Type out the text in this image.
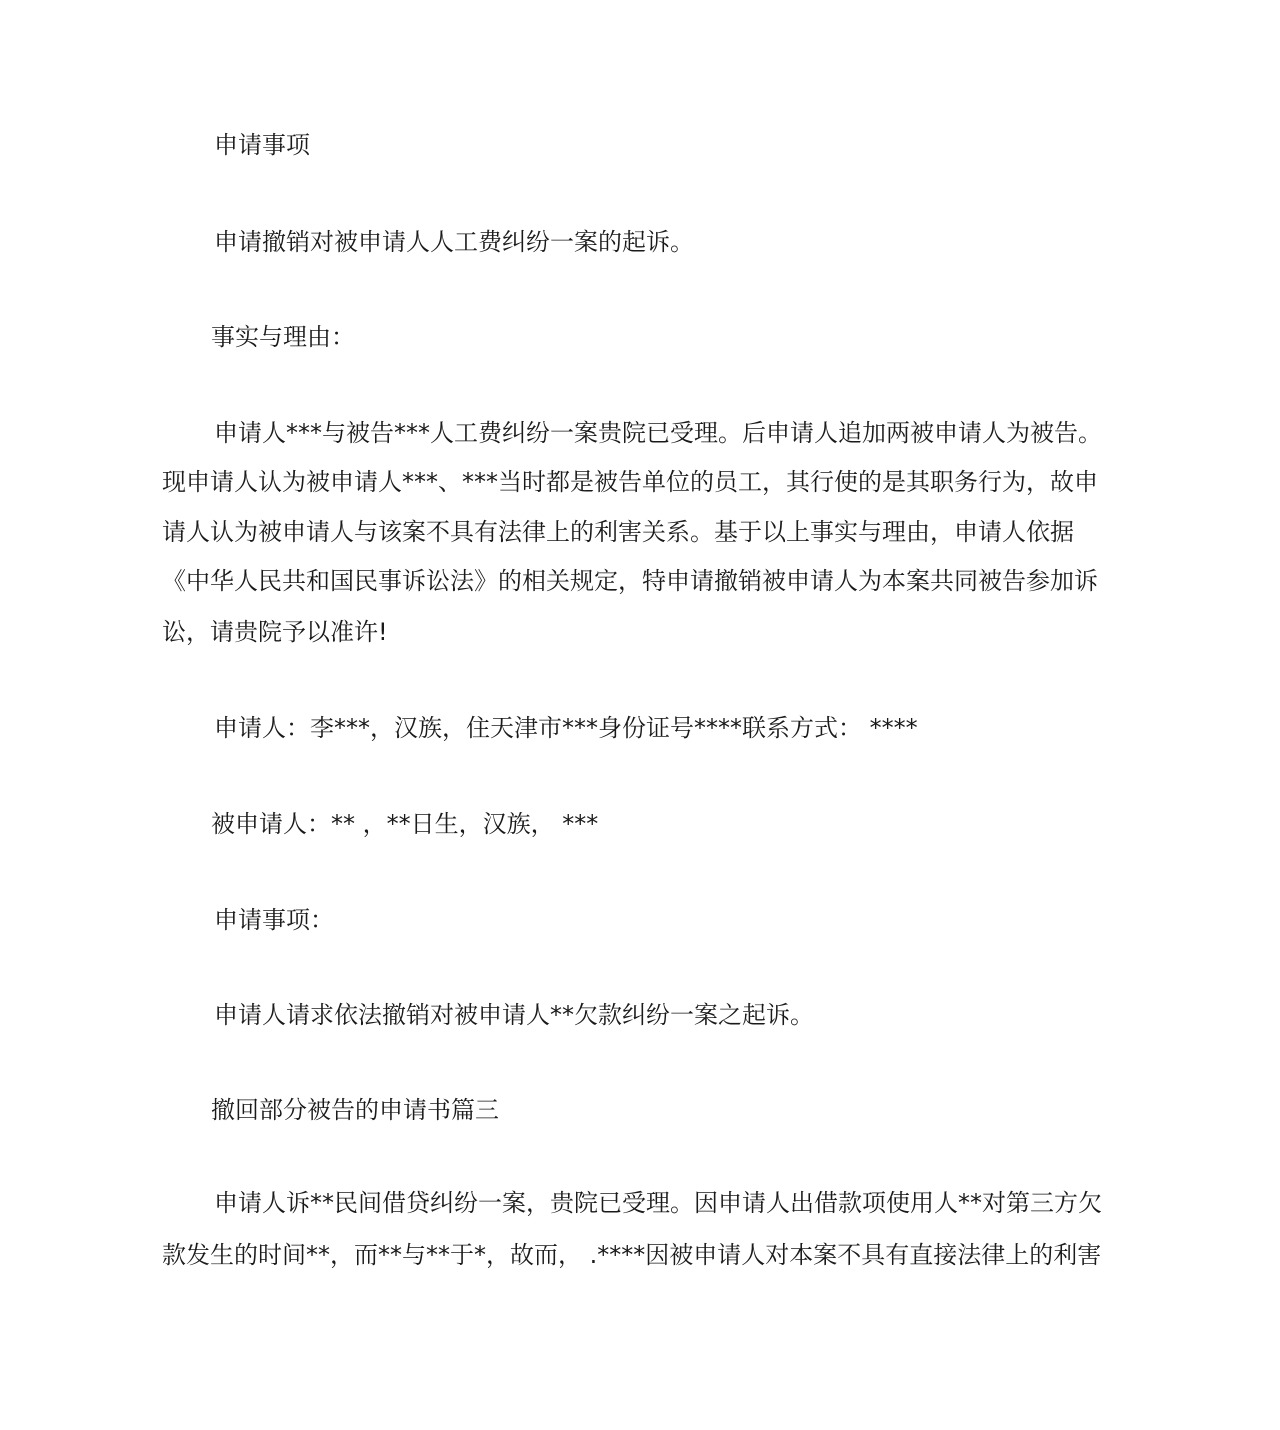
申请事项
申请撤销对被申请人人工费纠纷一案的起诉。
事实与理由：
申请人***与被告***人工费纠纷一案贵院已受理。后申请人追加两被申请人为被告。
现申请人认为被申请人***、***当时都是被告单位的员工，其行使的是其职务行为，故申
请人认为被申请人与该案不具有法律上的利害关系。基于以上事实与理由，申请人依据
《中华人民共和国民事诉讼法》的相关规定，特申请撤销被申请人为本案共同被告参加诉
讼，请贵院予以准许!
申请人：李***，汉族，住天津市***身份证号****联系方式： ****
被申请人：** ，**日生，汉族， ***
申请事项：
申请人请求依法撤销对被申请人**欠款纠纷一案之起诉。
撤回部分被告的申请书篇三
申请人诉**民间借贷纠纷一案，贵院已受理。因申请人出借款项使用人**对第三方欠
款发生的时间**，而**与**于*，故而， .****因被申请人对本案不具有直接法律上的利害
